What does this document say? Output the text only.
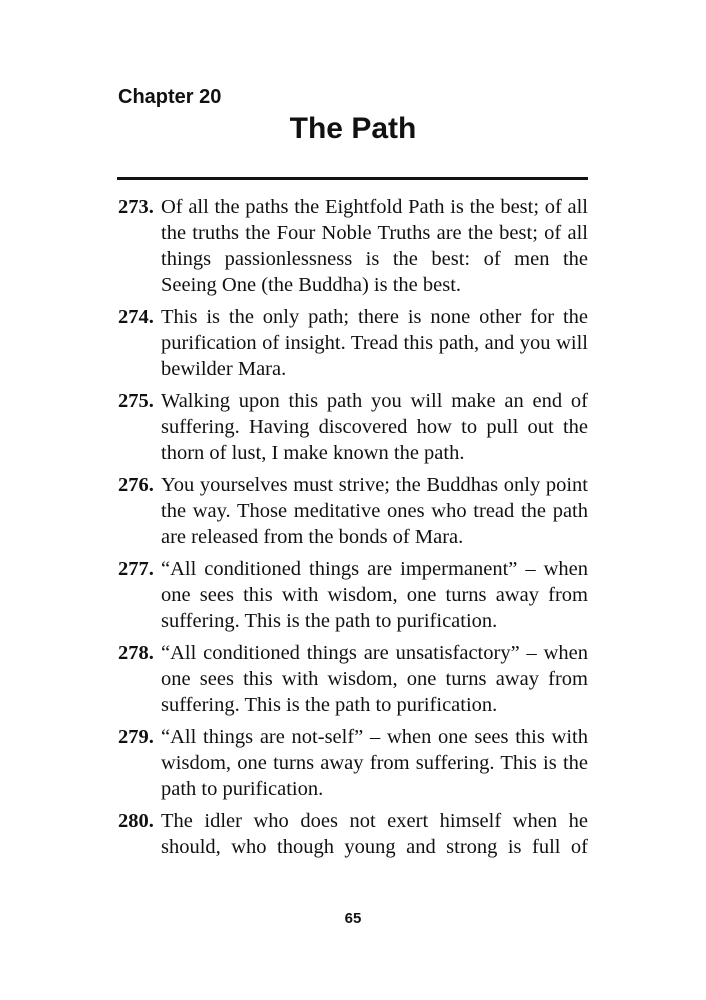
Chapter 20
The Path
273. Of all the paths the Eightfold Path is the best; of all the truths the Four Noble Truths are the best; of all things passionlessness is the best: of men the Seeing One (the Buddha) is the best.
274. This is the only path; there is none other for the purification of insight. Tread this path, and you will bewilder Mara.
275. Walking upon this path you will make an end of suffering. Having discovered how to pull out the thorn of lust, I make known the path.
276. You yourselves must strive; the Buddhas only point the way. Those meditative ones who tread the path are released from the bonds of Mara.
277. “All conditioned things are impermanent” – when one sees this with wisdom, one turns away from suffering. This is the path to purification.
278. “All conditioned things are unsatisfactory” – when one sees this with wisdom, one turns away from suffering. This is the path to purification.
279. “All things are not-self” – when one sees this with wisdom, one turns away from suffering. This is the path to purification.
280. The idler who does not exert himself when he should, who though young and strong is full of
65
